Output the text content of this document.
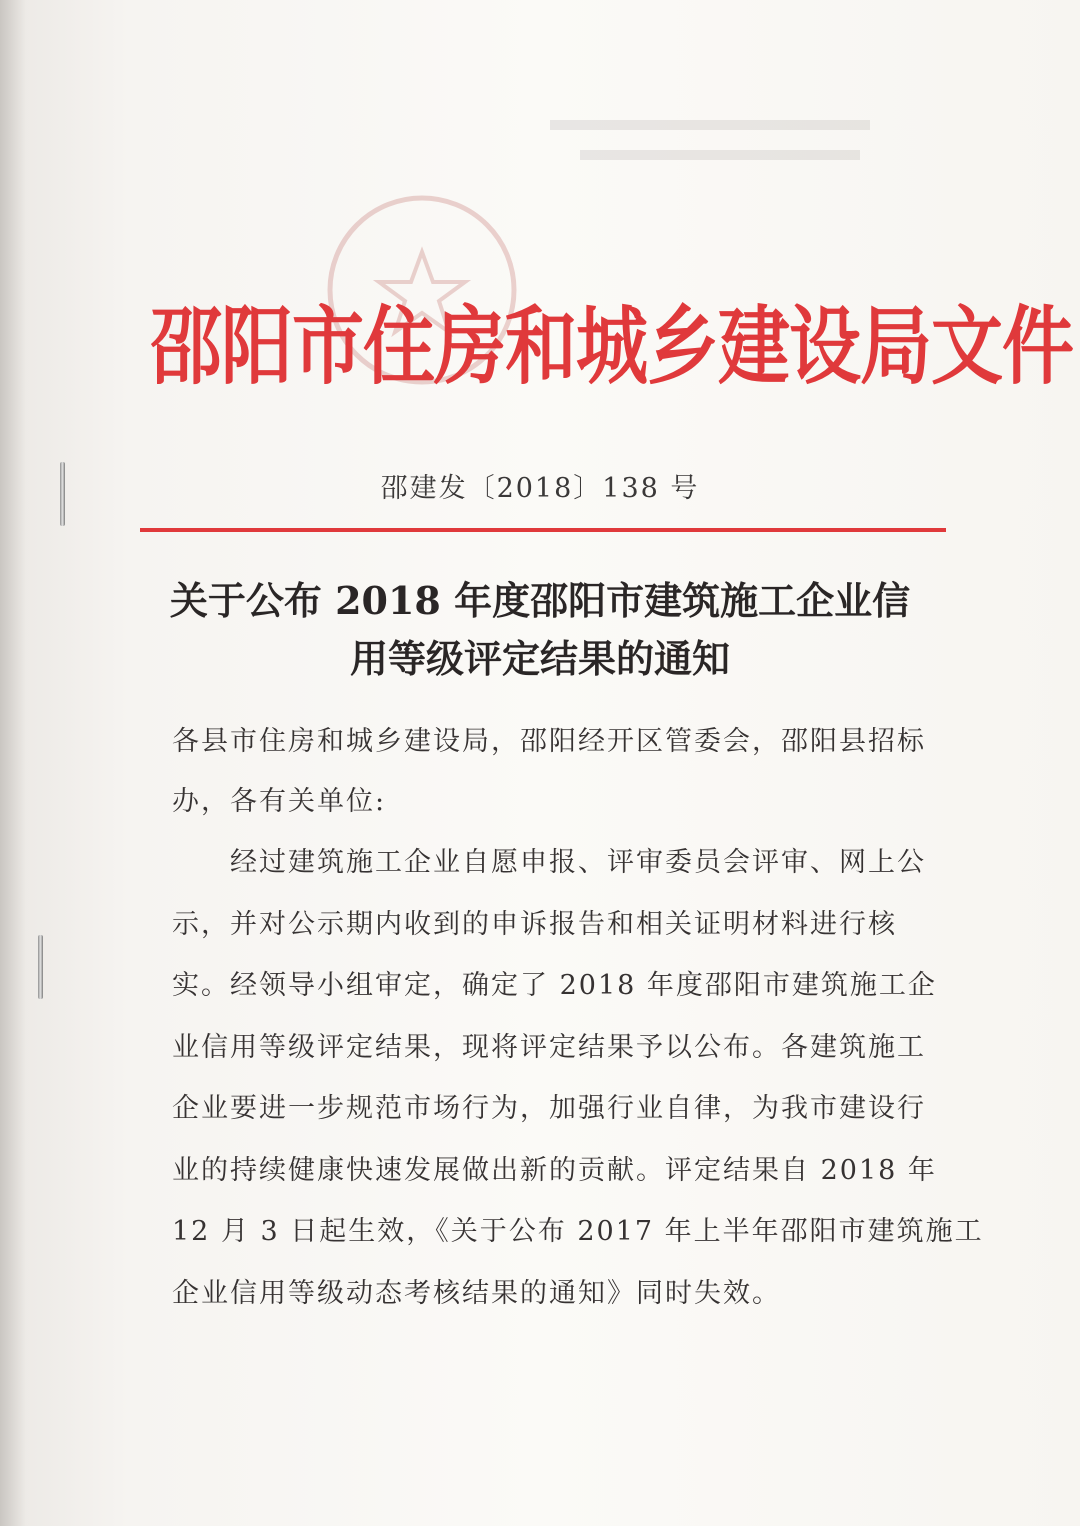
邵阳市住房和城乡建设局文件
邵建发〔2018〕138 号
关于公布 2018 年度邵阳市建筑施工企业信
用等级评定结果的通知
各县市住房和城乡建设局，邵阳经开区管委会，邵阳县招标
办，各有关单位:
经过建筑施工企业自愿申报、评审委员会评审、网上公
示，并对公示期内收到的申诉报告和相关证明材料进行核
实。经领导小组审定，确定了 2018 年度邵阳市建筑施工企
业信用等级评定结果，现将评定结果予以公布。各建筑施工
企业要进一步规范市场行为，加强行业自律，为我市建设行
业的持续健康快速发展做出新的贡献。评定结果自 2018 年
12 月 3 日起生效，《关于公布 2017 年上半年邵阳市建筑施工
企业信用等级动态考核结果的通知》同时失效。
